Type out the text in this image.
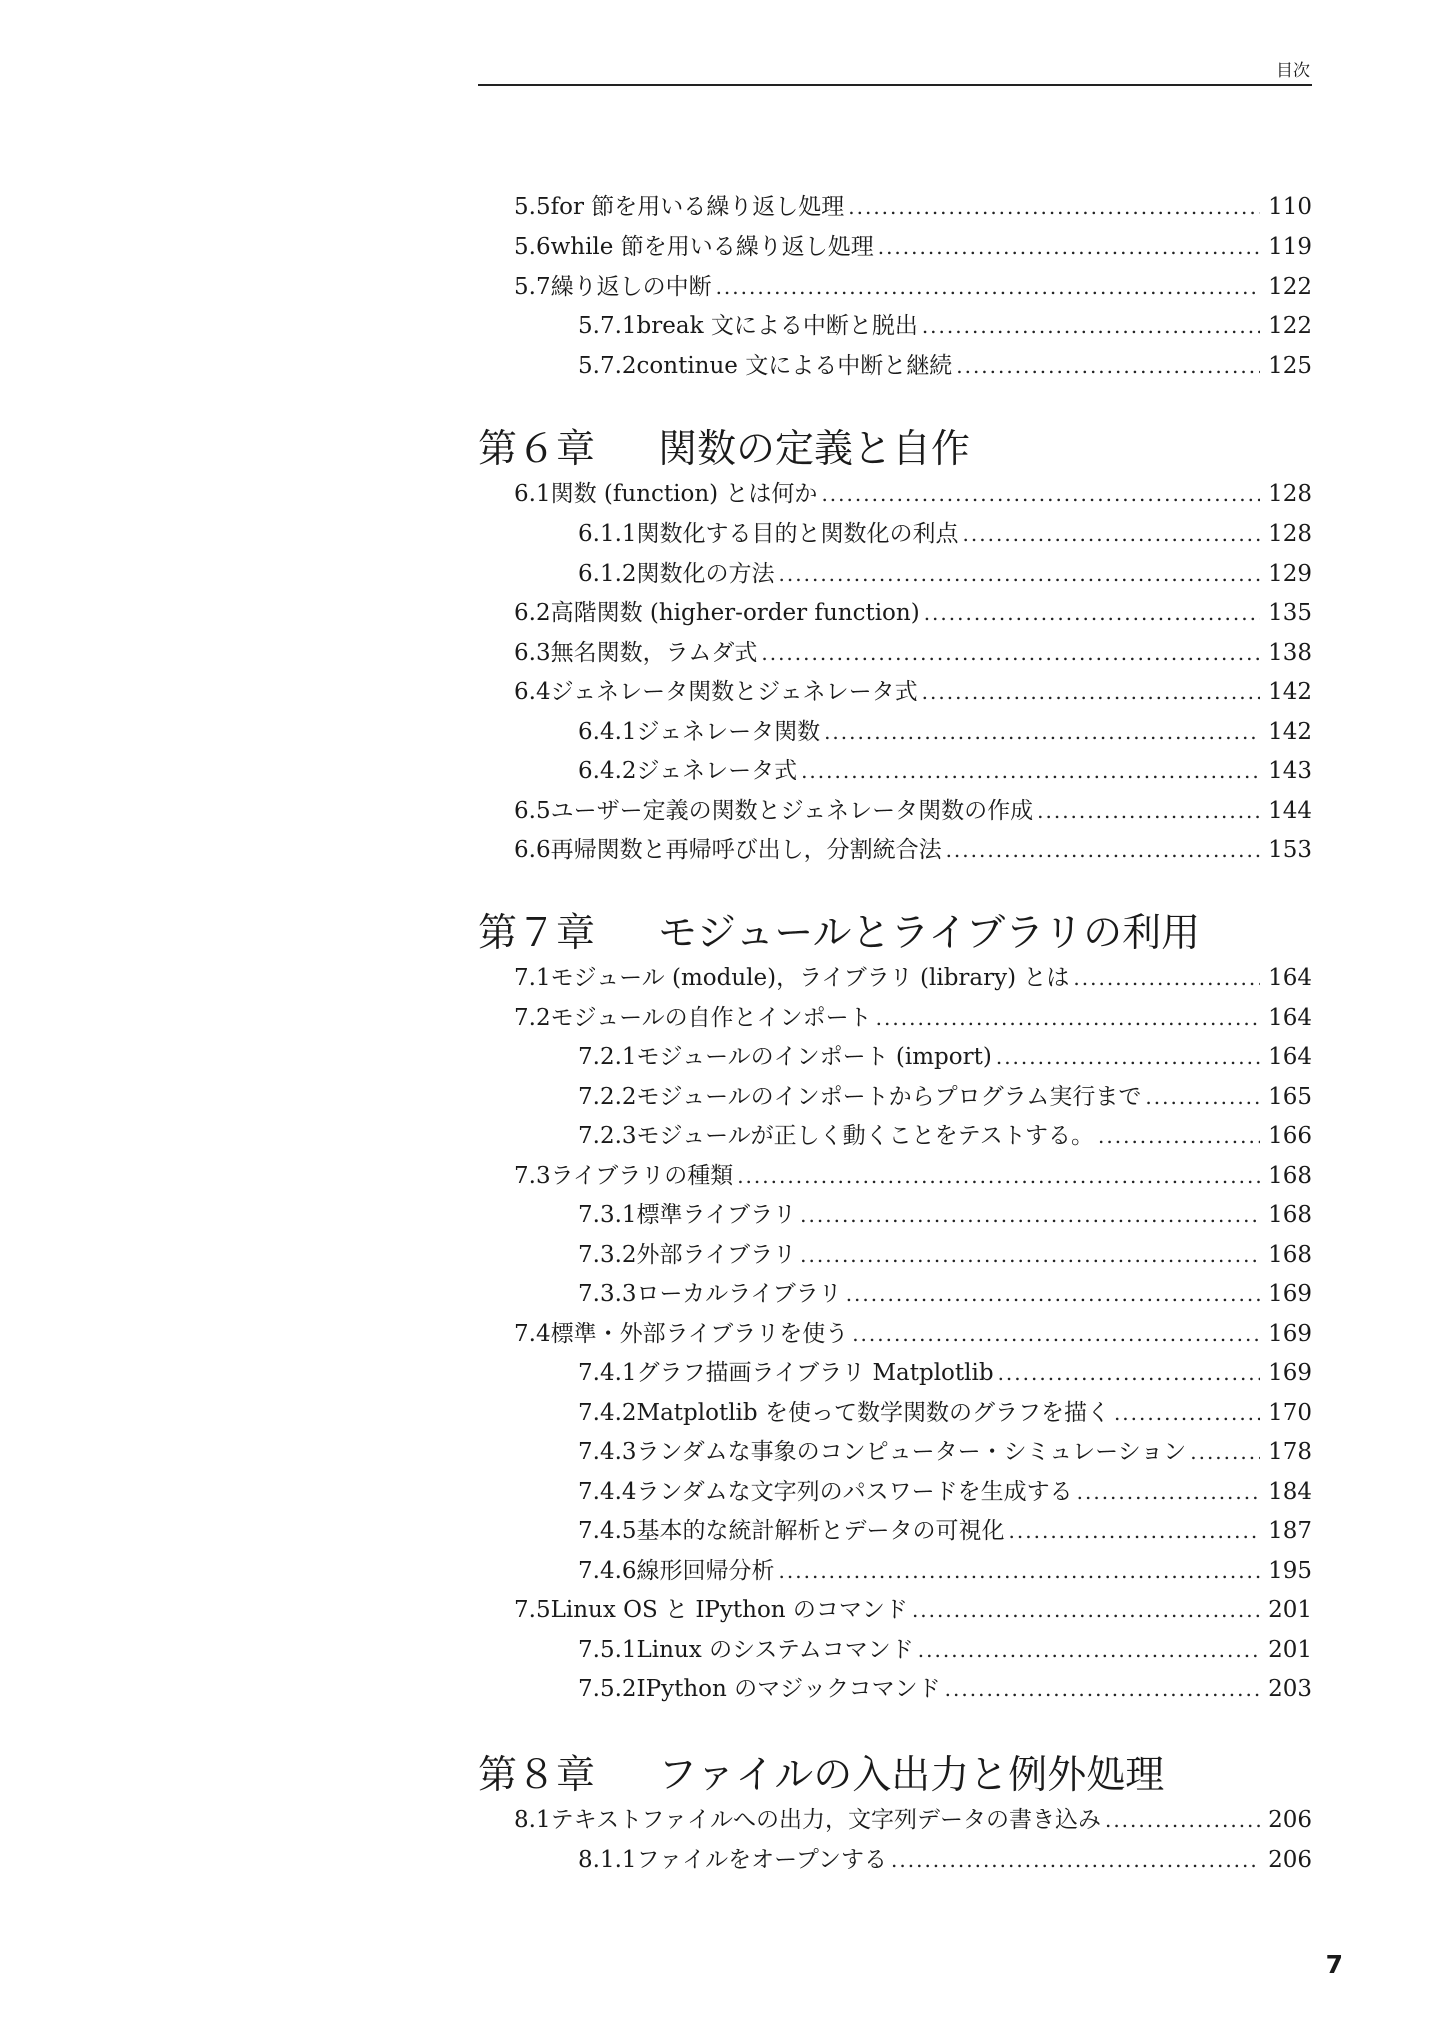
目次
5.5 for 節を用いる繰り返し処理 .....	110
5.6 while 節を用いる繰り返し処理 .....	119
5.7 繰り返しの中断 .....	122
5.7.1 break 文による中断と脱出 .....	122
5.7.2 continue 文による中断と継続 .....	125
第６章 関数の定義と自作
6.1 関数 (function) とは何か .....	128
6.1.1 関数化する目的と関数化の利点 .....	128
6.1.2 関数化の方法 .....	129
6.2 高階関数 (higher-order function) .....	135
6.3 無名関数，ラムダ式 .....	138
6.4 ジェネレータ関数とジェネレータ式 .....	142
6.4.1 ジェネレータ関数 .....	142
6.4.2 ジェネレータ式 .....	143
6.5 ユーザー定義の関数とジェネレータ関数の作成 .....	144
6.6 再帰関数と再帰呼び出し，分割統合法 .....	153
第７章 モジュールとライブラリの利用
7.1 モジュール (module)，ライブラリ (library) とは .....	164
7.2 モジュールの自作とインポート .....	164
7.2.1 モジュールのインポート (import) .....	164
7.2.2 モジュールのインポートからプログラム実行まで .....	165
7.2.3 モジュールが正しく動くことをテストする。 .....	166
7.3 ライブラリの種類 .....	168
7.3.1 標準ライブラリ .....	168
7.3.2 外部ライブラリ .....	168
7.3.3 ローカルライブラリ .....	169
7.4 標準・外部ライブラリを使う .....	169
7.4.1 グラフ描画ライブラリ Matplotlib .....	169
7.4.2 Matplotlib を使って数学関数のグラフを描く .....	170
7.4.3 ランダムな事象のコンピューター・シミュレーション .....	178
7.4.4 ランダムな文字列のパスワードを生成する .....	184
7.4.5 基本的な統計解析とデータの可視化 .....	187
7.4.6 線形回帰分析 .....	195
7.5 Linux OS と IPython のコマンド .....	201
7.5.1 Linux のシステムコマンド .....	201
7.5.2 IPython のマジックコマンド .....	203
第８章 ファイルの入出力と例外処理
8.1 テキストファイルへの出力，文字列データの書き込み .....	206
8.1.1 ファイルをオープンする .....	206
7
